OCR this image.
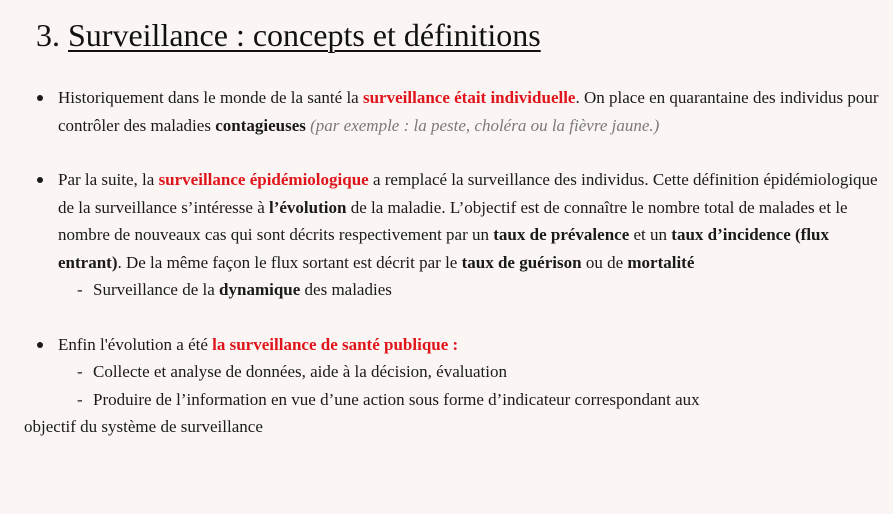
3. Surveillance : concepts et définitions
Historiquement dans le monde de la santé la surveillance était individuelle. On place en quarantaine des individus pour contrôler des maladies contagieuses (par exemple : la peste, choléra ou la fièvre jaune.)
Par la suite, la surveillance épidémiologique a remplacé la surveillance des individus. Cette définition épidémiologique de la surveillance s’intéresse à l’évolution de la maladie. L’objectif est de connaître le nombre total de malades et le nombre de nouveaux cas qui sont décrits respectivement par un taux de prévalence et un taux d’incidence (flux entrant). De la même façon le flux sortant est décrit par le taux de guérison ou de mortalité
- Surveillance de la dynamique des maladies
Enfin l'évolution a été la surveillance de santé publique :
- Collecte et analyse de données, aide à la décision, évaluation
- Produire de l’information en vue d’une action sous forme d’indicateur correspondant aux
objectif du système de surveillance
